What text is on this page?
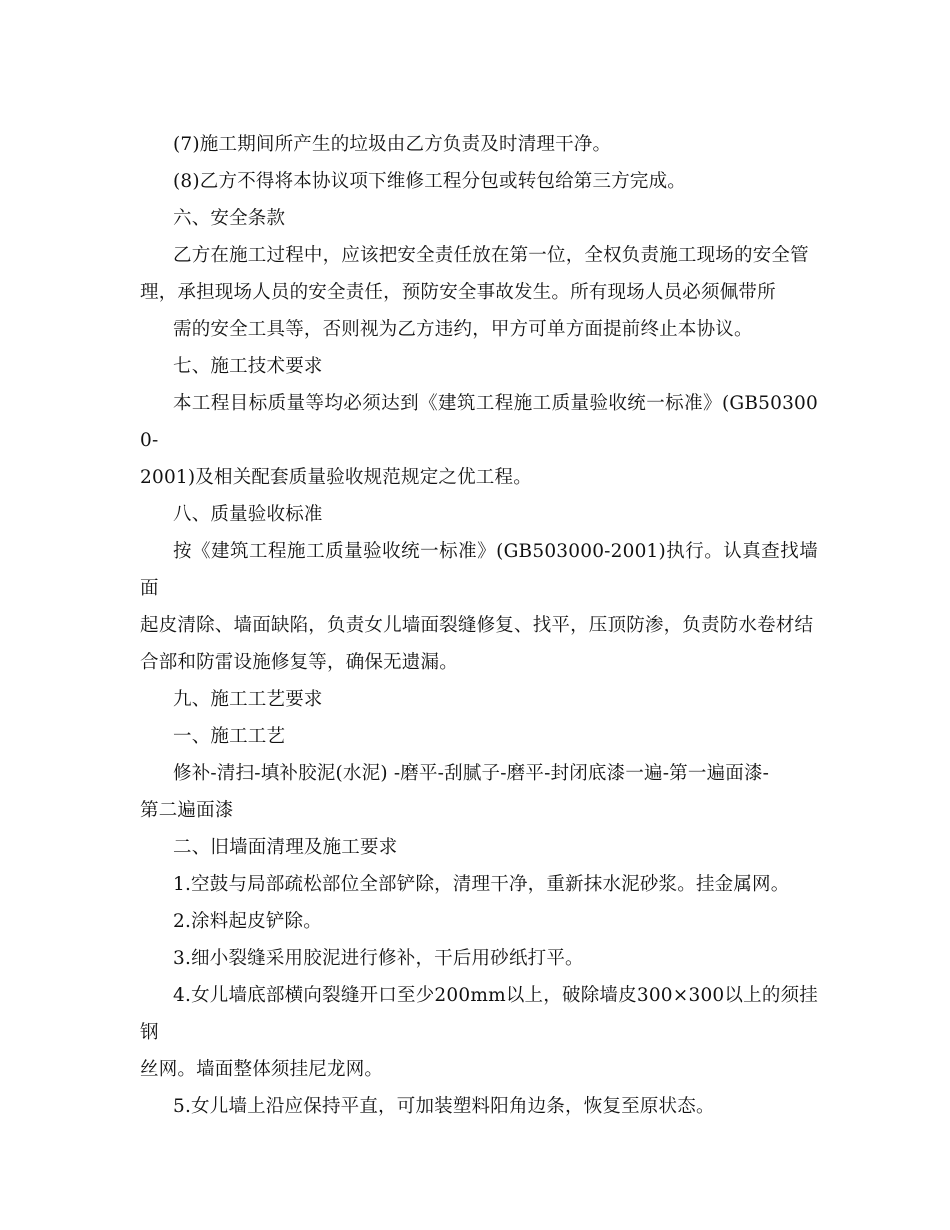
(7)施工期间所产生的垃圾由乙方负责及时清理干净。

(8)乙方不得将本协议项下维修工程分包或转包给第三方完成。

六、安全条款

乙方在施工过程中，应该把安全责任放在第一位，全权负责施工现场的安全管

理，承担现场人员的安全责任，预防安全事故发生。所有现场人员必须佩带所

需的安全工具等，否则视为乙方违约，甲方可单方面提前终止本协议。

七、施工技术要求

本工程目标质量等均必须达到《建筑工程施工质量验收统一标准》(GB503000-

2001)及相关配套质量验收规范规定之优工程。

八、质量验收标准

按《建筑工程施工质量验收统一标准》(GB503000-2001)执行。认真查找墙面

起皮清除、墙面缺陷，负责女儿墙面裂缝修复、找平，压顶防渗，负责防水卷材结

合部和防雷设施修复等，确保无遗漏。

九、施工工艺要求

一、施工工艺

修补-清扫-填补胶泥(水泥) -磨平-刮腻子-磨平-封闭底漆一遍-第一遍面漆-

第二遍面漆

二、旧墙面清理及施工要求

1.空鼓与局部疏松部位全部铲除，清理干净，重新抹水泥砂浆。挂金属网。

2.涂料起皮铲除。

3.细小裂缝采用胶泥进行修补，干后用砂纸打平。

4.女儿墙底部横向裂缝开口至少200mm以上，破除墙皮300×300以上的须挂钢

丝网。墙面整体须挂尼龙网。

5.女儿墙上沿应保持平直，可加装塑料阳角边条，恢复至原状态。
